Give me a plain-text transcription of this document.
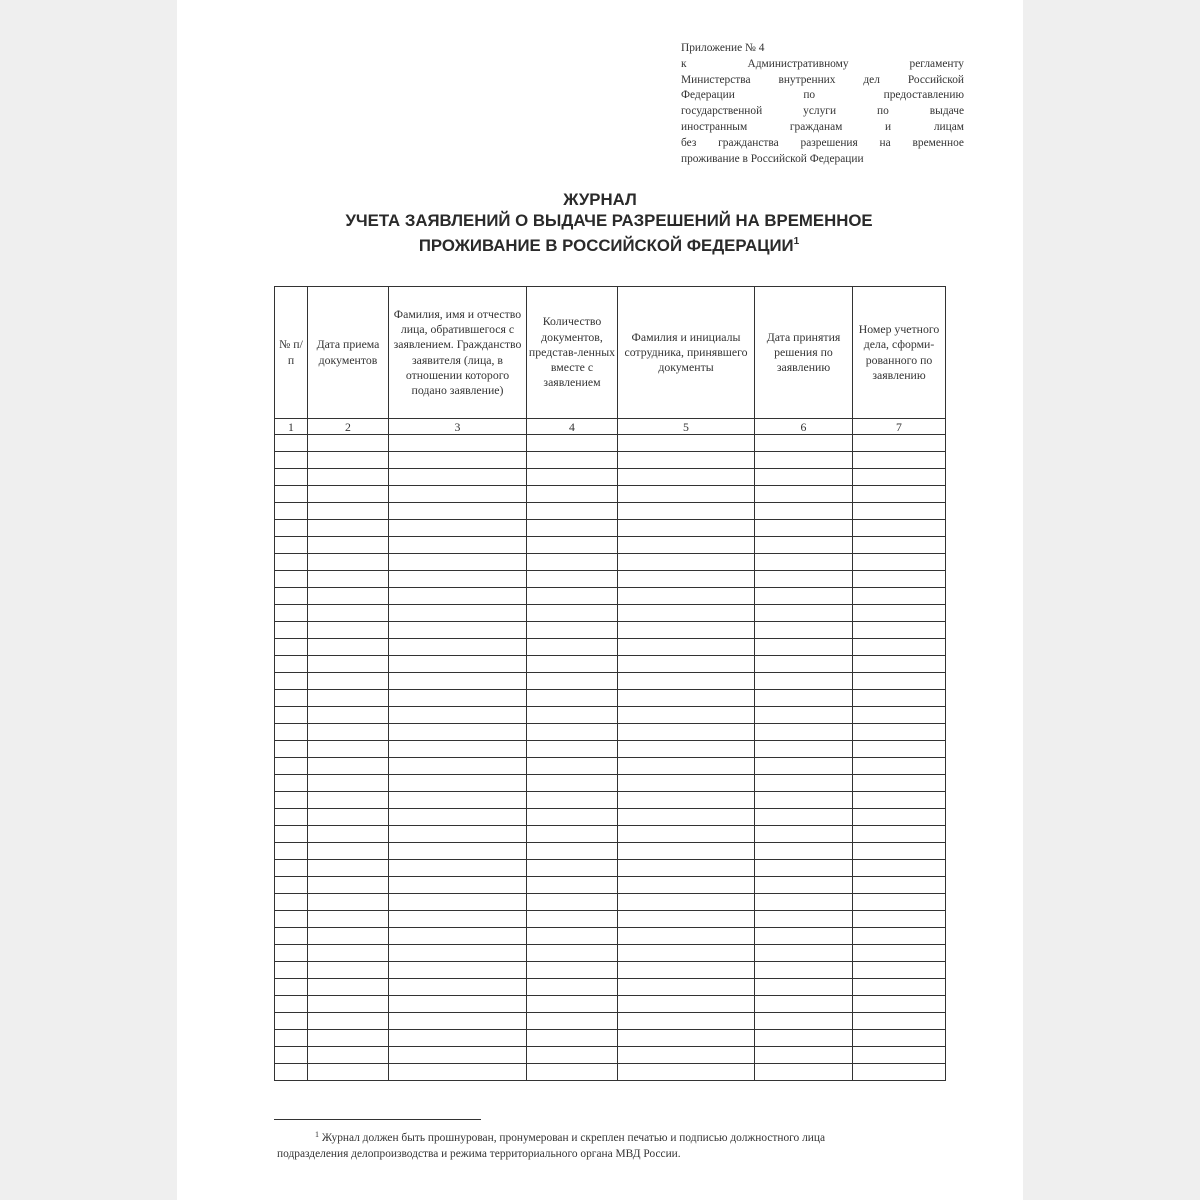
Приложение № 4
к Административному регламенту
Министерства внутренних дел Российской
Федерации по предоставлению
государственной услуги по выдаче
иностранным гражданам и лицам
без гражданства разрешения на временное
проживание в Российской Федерации
ЖУРНАЛ
УЧЕТА ЗАЯВЛЕНИЙ О ВЫДАЧЕ РАЗРЕШЕНИЙ НА ВРЕМЕННОЕ
ПРОЖИВАНИЕ В РОССИЙСКОЙ ФЕДЕРАЦИИ$^1$
№ п/п	Дата приема документов	Фамилия, имя и отчество лица, обратившегося с заявлением. Гражданство заявителя (лица, в отношении которого подано заявление)	Количество документов, представ-ленных вместе с заявлением	Фамилия и инициалы сотрудника, принявшего документы	Дата принятия решения по заявлению	Номер учетного дела, сформи-рованного по заявлению
1	2	3	4	5	6	7

$^1$ Журнал должен быть прошнурован, пронумерован и скреплен печатью и подписью должностного лица
подразделения делопроизводства и режима территориального органа МВД России.
